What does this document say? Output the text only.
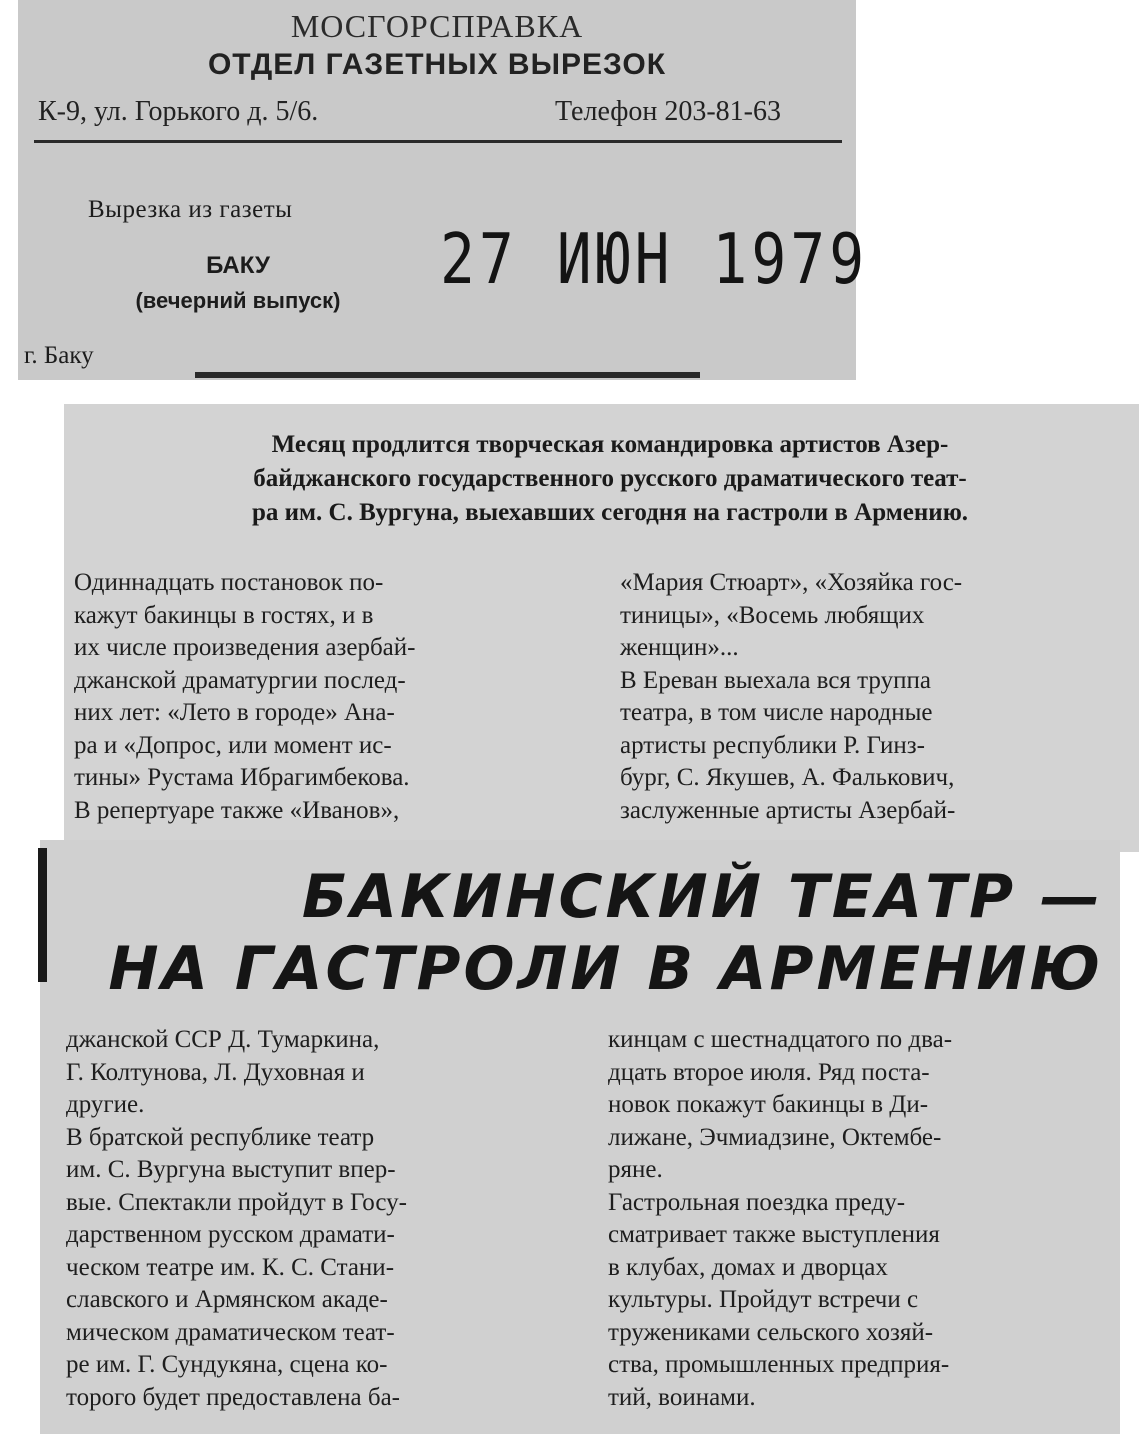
МОСГОРСПРАВКА
ОТДЕЛ ГАЗЕТНЫХ ВЫРЕЗОК
К-9, ул. Горького д. 5/6.	Телефон 203-81-63
Вырезка из газеты
БАКУ
(вечерний выпуск)
г. Баку
27 ИЮН 1979
Месяц продлится творческая командировка артистов Азер-
байджанского государственного русского драматического теат-
ра им. С. Вургуна, выехавших сегодня на гастроли в Армению.
Одиннадцать постановок по-
кажут бакинцы в гостях, и в
их числе произведения азербай-
джанской драматургии послед-
них лет: «Лето в городе» Ана-
ра и «Допрос, или момент ис-
тины» Рустама Ибрагимбекова.
В репертуаре также «Иванов»,
«Мария Стюарт», «Хозяйка гос-
тиницы», «Восемь любящих
женщин»...
В Ереван выехала вся труппа
театра, в том числе народные
артисты республики Р. Гинз-
бург, С. Якушев, А. Фалькович,
заслуженные артисты Азербай-
БАКИНСКИЙ ТЕАТР —
НА ГАСТРОЛИ В АРМЕНИЮ
джанской ССР Д. Тумаркина,
Г. Колтунова, Л. Духовная и
другие.
В братской республике театр
им. С. Вургуна выступит впер-
вые. Спектакли пройдут в Госу-
дарственном русском драмати-
ческом театре им. К. С. Стани-
славского и Армянском акаде-
мическом драматическом теат-
ре им. Г. Сундукяна, сцена ко-
торого будет предоставлена ба-
кинцам с шестнадцатого по два-
дцать второе июля. Ряд поста-
новок покажут бакинцы в Ди-
лижане, Эчмиадзине, Октембе-
ряне.
Гастрольная поездка преду-
сматривает также выступления
в клубах, домах и дворцах
культуры. Пройдут встречи с
тружениками сельского хозяй-
ства, промышленных предприя-
тий, воинами.
